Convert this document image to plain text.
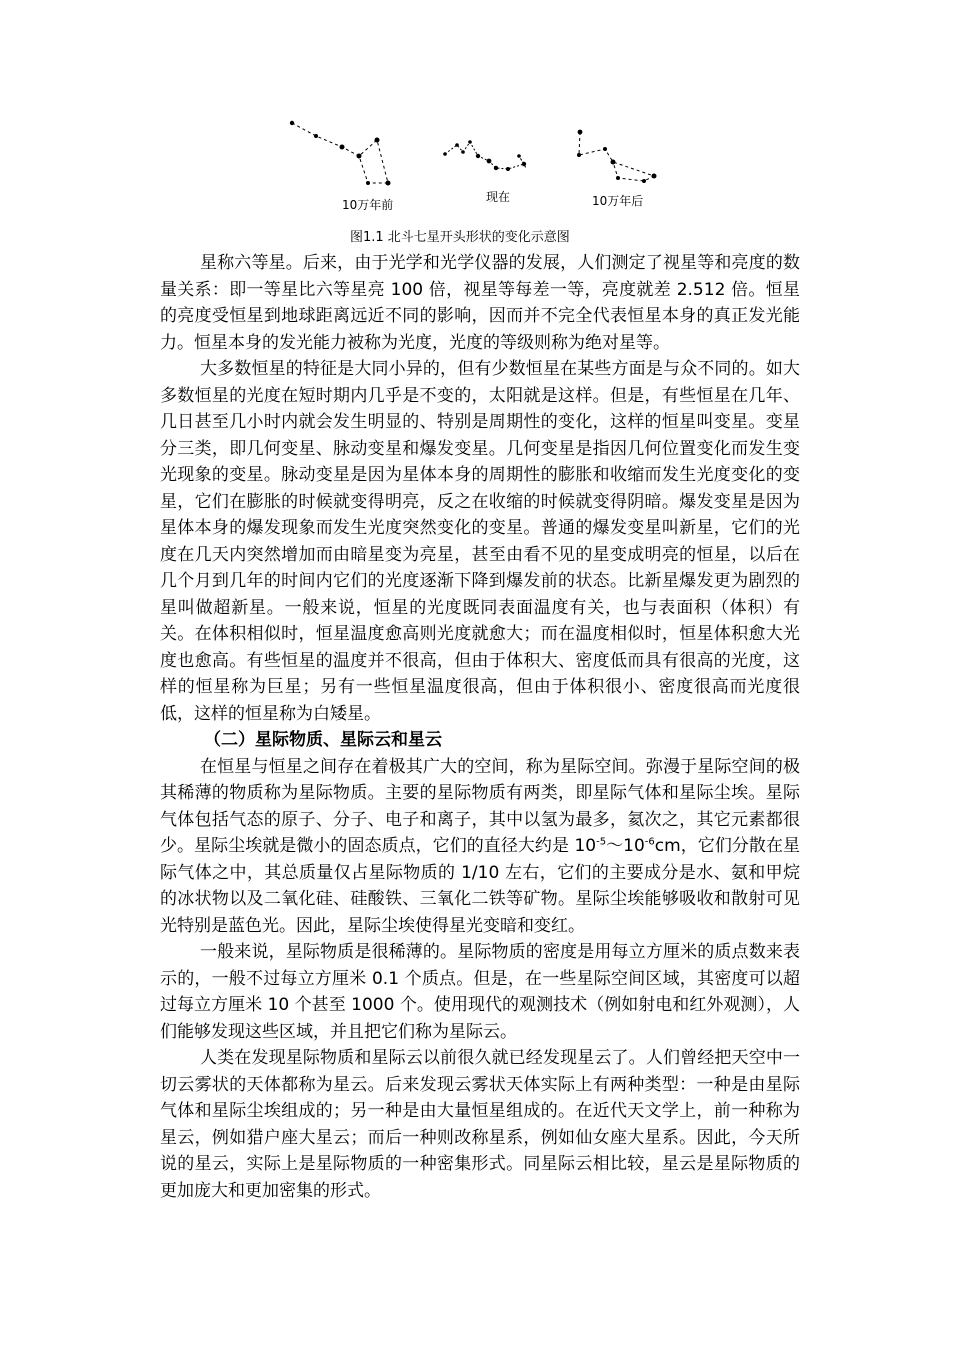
10万年前
现在	10万年后
图1.1 北斗七星开头形状的变化示意图

星称六等星。后来，由于光学和光学仪器的发展，人们测定了视星等和亮度的数量关系：即一等星比六等星亮 100 倍，视星等每差一等，亮度就差 2.512 倍。恒星的亮度受恒星到地球距离远近不同的影响，因而并不完全代表恒星本身的真正发光能力。恒星本身的发光能力被称为光度，光度的等级则称为绝对星等。

大多数恒星的特征是大同小异的，但有少数恒星在某些方面是与众不同的。如大多数恒星的光度在短时期内几乎是不变的，太阳就是这样。但是，有些恒星在几年、几日甚至几小时内就会发生明显的、特别是周期性的变化，这样的恒星叫变星。变星分三类，即几何变星、脉动变星和爆发变星。几何变星是指因几何位置变化而发生变光现象的变星。脉动变星是因为星体本身的周期性的膨胀和收缩而发生光度变化的变星，它们在膨胀的时候就变得明亮，反之在收缩的时候就变得阴暗。爆发变星是因为星体本身的爆发现象而发生光度突然变化的变星。普通的爆发变星叫新星，它们的光度在几天内突然增加而由暗星变为亮星，甚至由看不见的星变成明亮的恒星，以后在几个月到几年的时间内它们的光度逐渐下降到爆发前的状态。比新星爆发更为剧烈的星叫做超新星。一般来说，恒星的光度既同表面温度有关，也与表面积（体积）有关。在体积相似时，恒星温度愈高则光度就愈大；而在温度相似时，恒星体积愈大光度也愈高。有些恒星的温度并不很高，但由于体积大、密度低而具有很高的光度，这样的恒星称为巨星；另有一些恒星温度很高，但由于体积很小、密度很高而光度很低，这样的恒星称为白矮星。

（二）星际物质、星际云和星云

在恒星与恒星之间存在着极其广大的空间，称为星际空间。弥漫于星际空间的极其稀薄的物质称为星际物质。主要的星际物质有两类，即星际气体和星际尘埃。星际气体包括气态的原子、分子、电子和离子，其中以氢为最多，氦次之，其它元素都很少。星际尘埃就是微小的固态质点，它们的直径大约是 $10^{-5}\sim 10^{-6}cm$，它们分散在星际气体之中，其总质量仅占星际物质的 1/10 左右，它们的主要成分是水、氨和甲烷的冰状物以及二氧化硅、硅酸铁、三氧化二铁等矿物。星际尘埃能够吸收和散射可见光特别是蓝色光。因此，星际尘埃使得星光变暗和变红。

一般来说，星际物质是很稀薄的。星际物质的密度是用每立方厘米的质点数来表示的，一般不过每立方厘米 0.1 个质点。但是，在一些星际空间区域，其密度可以超过每立方厘米 10 个甚至 1000 个。使用现代的观测技术（例如射电和红外观测），人们能够发现这些区域，并且把它们称为星际云。

人类在发现星际物质和星际云以前很久就已经发现星云了。人们曾经把天空中一切云雾状的天体都称为星云。后来发现云雾状天体实际上有两种类型：一种是由星际气体和星际尘埃组成的；另一种是由大量恒星组成的。在近代天文学上，前一种称为星云，例如猎户座大星云；而后一种则改称星系，例如仙女座大星系。因此，今天所说的星云，实际上是星际物质的一种密集形式。同星际云相比较，星云是星际物质的更加庞大和更加密集的形式。
